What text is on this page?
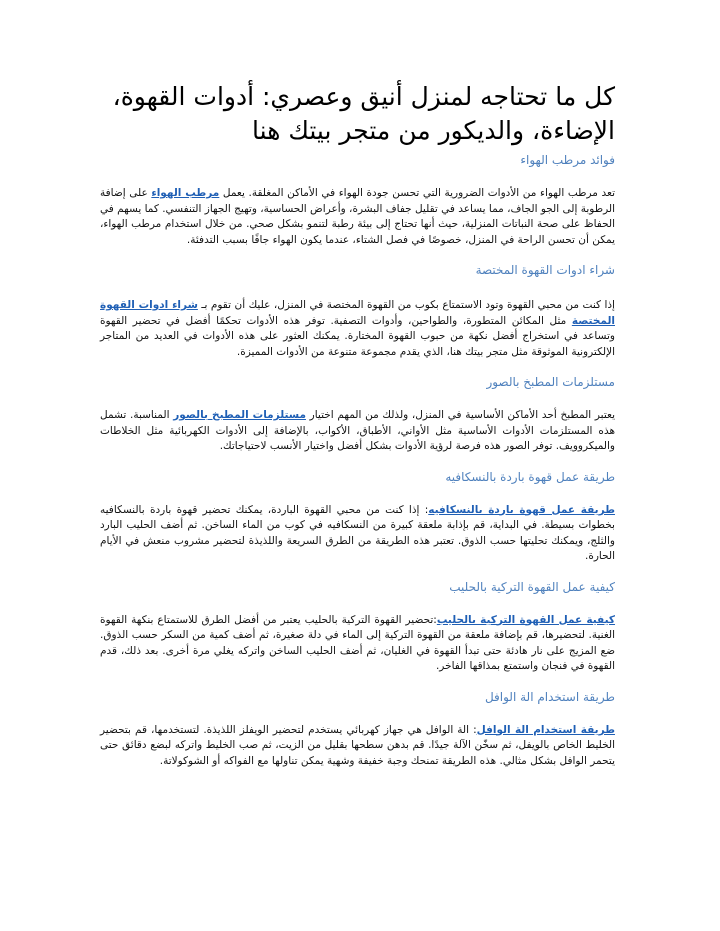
كل ما تحتاجه لمنزل أنيق وعصري: أدوات القهوة، الإضاءة، والديكور من متجر بيتك هنا
فوائد مرطب الهواء

تعد مرطب الهواء من الأدوات الضرورية التي تحسن جودة الهواء في الأماكن المغلقة. يعمل مرطب الهواء على إضافة الرطوبة إلى الجو الجاف، مما يساعد في تقليل جفاف البشرة، وأعراض الحساسية، وتهيج الجهاز التنفسي. كما يسهم في الحفاظ على صحة النباتات المنزلية، حيث أنها تحتاج إلى بيئة رطبة لتنمو بشكل صحي. من خلال استخدام مرطب الهواء، يمكن أن تحسن الراحة في المنزل، خصوصًا في فصل الشتاء، عندما يكون الهواء جافًا بسبب التدفئة.

شراء ادوات القهوة المختصة

إذا كنت من محبي القهوة وتود الاستمتاع بكوب من القهوة المختصة في المنزل، عليك أن تقوم بـ شراء ادوات القهوة المختصة مثل المكائن المتطورة، والطواحين، وأدوات التصفية. توفر هذه الأدوات تحكمًا أفضل في تحضير القهوة وتساعد في استخراج أفضل نكهة من حبوب القهوة المختارة. يمكنك العثور على هذه الأدوات في العديد من المتاجر الإلكترونية الموثوقة مثل متجر بيتك هنا، الذي يقدم مجموعة متنوعة من الأدوات المميزة.

مستلزمات المطبخ بالصور

يعتبر المطبخ أحد الأماكن الأساسية في المنزل، ولذلك من المهم اختيار مستلزمات المطبخ بالصور المناسبة. تشمل هذه المستلزمات الأدوات الأساسية مثل الأواني، الأطباق، الأكواب، بالإضافة إلى الأدوات الكهربائية مثل الخلاطات والميكروويف. توفر الصور هذه فرصة لرؤية الأدوات بشكل أفضل واختيار الأنسب لاحتياجاتك.

طريقة عمل قهوة باردة بالنسكافيه

طريقة عمل قهوة باردة بالنسكافيه: إذا كنت من محبي القهوة الباردة، يمكنك تحضير قهوة باردة بالنسكافيه بخطوات بسيطة. في البداية، قم بإذابة ملعقة كبيرة من النسكافيه في كوب من الماء الساخن. ثم أضف الحليب البارد والثلج، ويمكنك تحليتها حسب الذوق. تعتبر هذه الطريقة من الطرق السريعة واللذيذة لتحضير مشروب منعش في الأيام الحارة.

كيفية عمل القهوة التركية بالحليب

كيفية عمل القهوة التركية بالحليب:تحضير القهوة التركية بالحليب يعتبر من أفضل الطرق للاستمتاع بنكهة القهوة الغنية. لتحضيرها، قم بإضافة ملعقة من القهوة التركية إلى الماء في دلة صغيرة، ثم أضف كمية من السكر حسب الذوق. ضع المزيج على نار هادئة حتى تبدأ القهوة في الغليان، ثم أضف الحليب الساخن واتركه يغلي مرة أخرى. بعد ذلك، قدم القهوة في فنجان واستمتع بمذاقها الفاخر.

طريقة استخدام الة الوافل

طريقة استخدام الة الوافل: الة الوافل هي جهاز كهربائي يستخدم لتحضير الويفلز اللذيذة. لتستخدمها، قم بتحضير الخليط الخاص بالويفل، ثم سخّن الآلة جيدًا. قم بدهن سطحها بقليل من الزيت، ثم صب الخليط واتركه لبضع دقائق حتى يتحمر الوافل بشكل مثالي. هذه الطريقة تمنحك وجبة خفيفة وشهية يمكن تناولها مع الفواكه أو الشوكولاتة.
